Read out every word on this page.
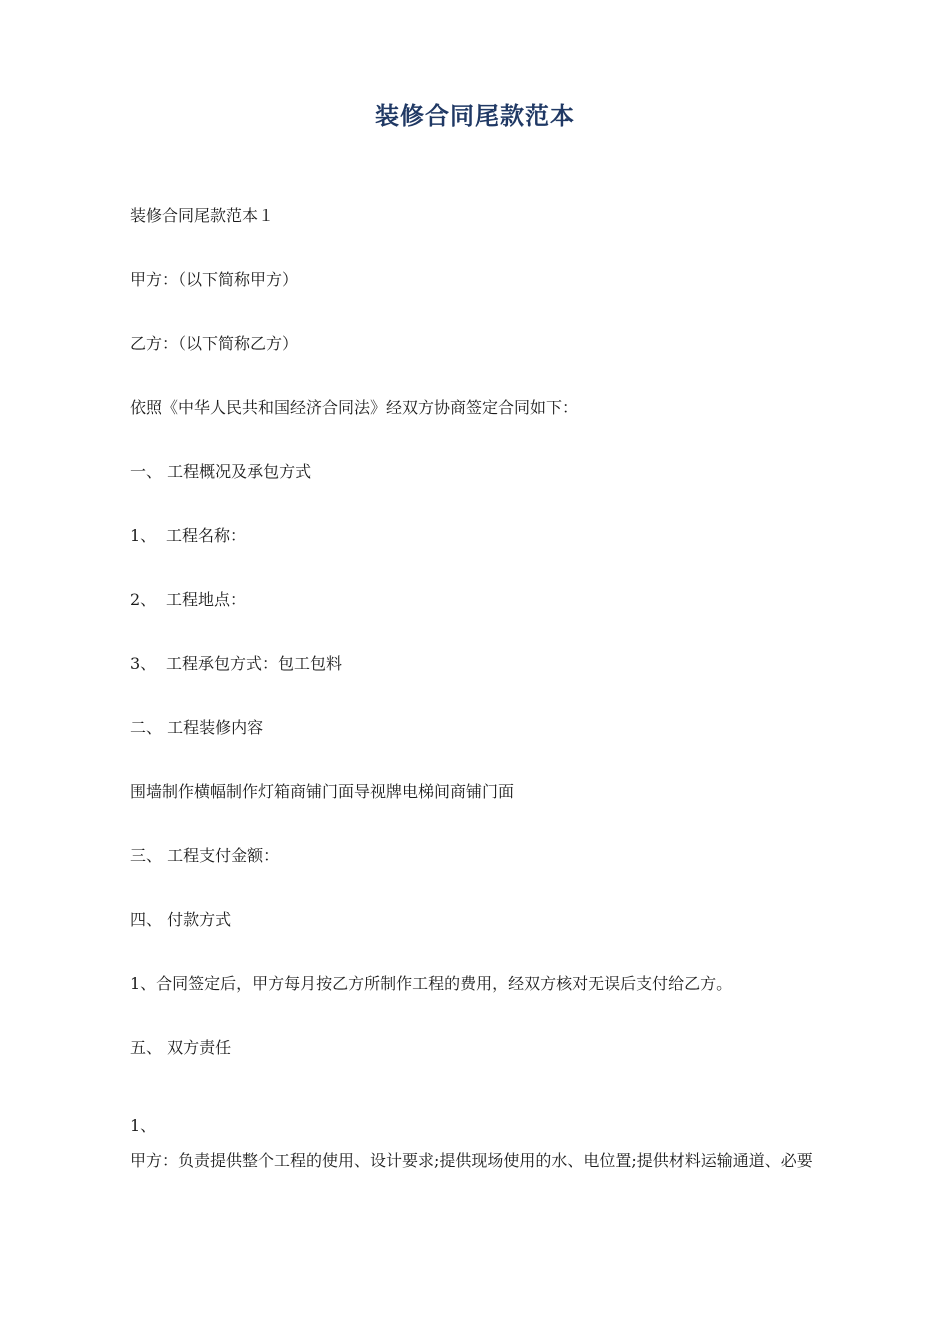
装修合同尾款范本
装修合同尾款范本１
甲方：（以下简称甲方）
乙方：（以下简称乙方）
依照《中华人民共和国经济合同法》经双方协商签定合同如下：
一、 工程概况及承包方式
1、 工程名称：
2、 工程地点：
3、 工程承包方式：包工包料
二、 工程装修内容
围墙制作横幅制作灯箱商铺门面导视牌电梯间商铺门面
三、 工程支付金额：
四、 付款方式
1、合同签定后，甲方每月按乙方所制作工程的费用，经双方核对无误后支付给乙方。
五、 双方责任
1、
甲方：负责提供整个工程的使用、设计要求;提供现场使用的水、电位置;提供材料运输通道、必要
